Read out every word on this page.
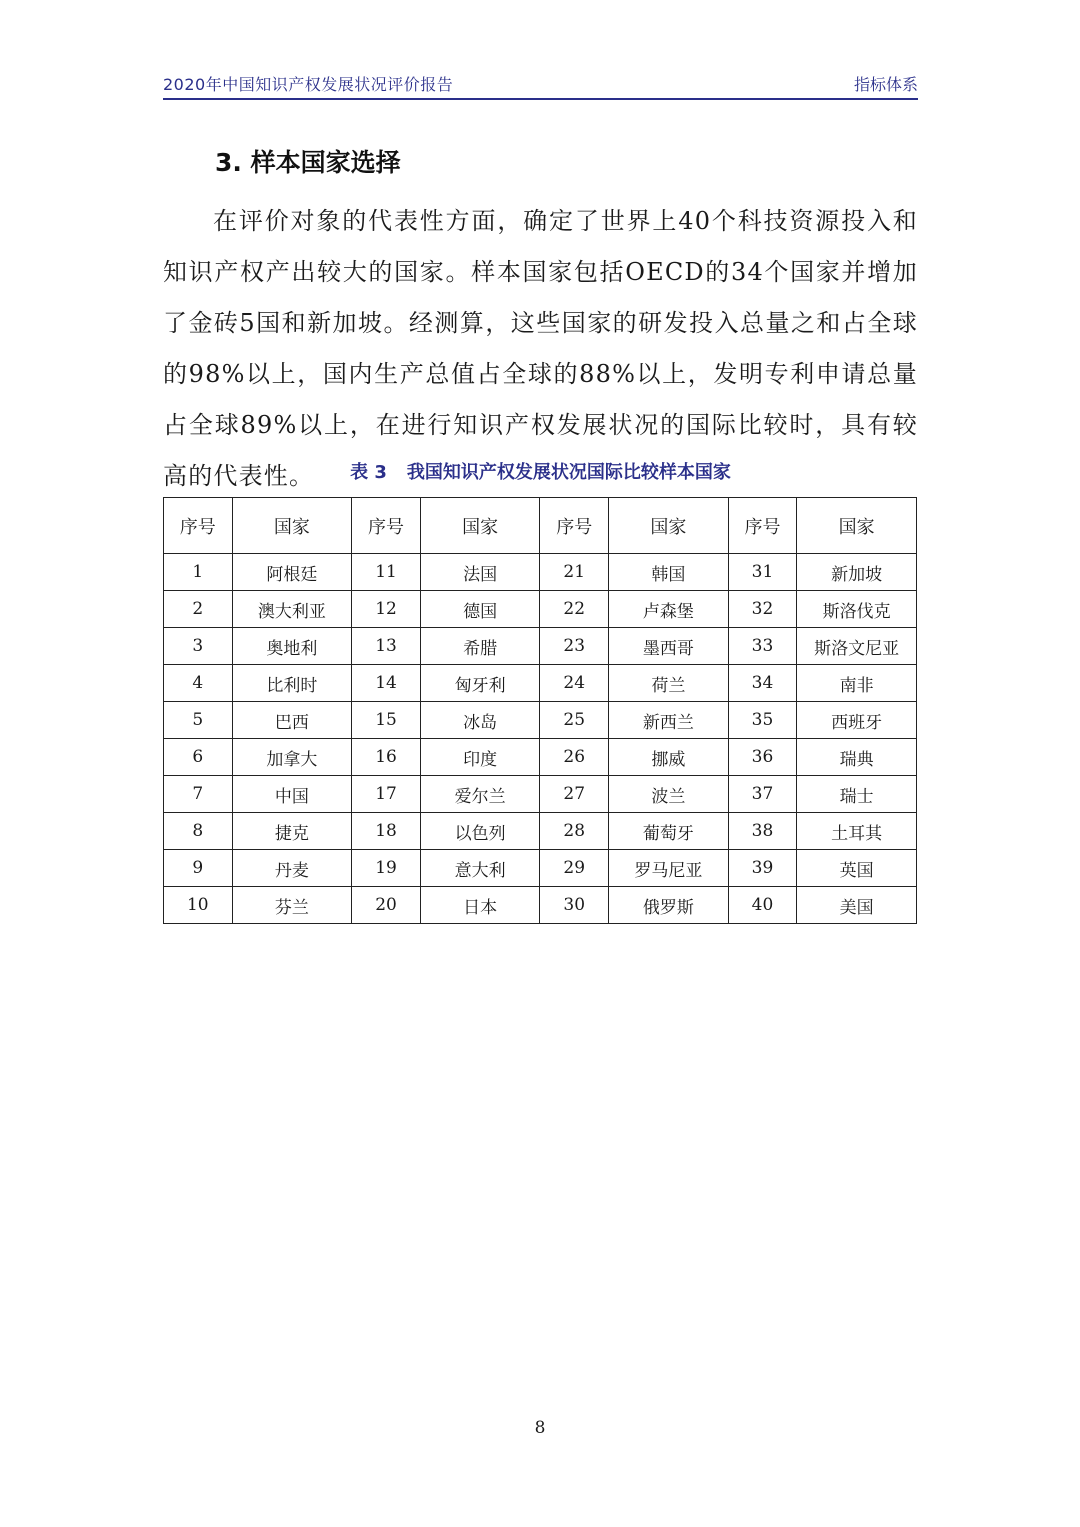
2020年中国知识产权发展状况评价报告	指标体系
3. 样本国家选择

在评价对象的代表性方面，确定了世界上40个科技资源投入和知识产权产出较大的国家。样本国家包括OECD的34个国家并增加了金砖5国和新加坡。经测算，这些国家的研发投入总量之和占全球的98%以上，国内生产总值占全球的88%以上，发明专利申请总量占全球89%以上，在进行知识产权发展状况的国际比较时，具有较高的代表性。	表 3 我国知识产权发展状况国际比较样本国家
序号	国家	序号	国家	序号	国家	序号	国家
1	阿根廷	11	法国	21	韩国	31	新加坡
2	澳大利亚	12	德国	22	卢森堡	32	斯洛伐克
3	奥地利	13	希腊	23	墨西哥	33	斯洛文尼亚
4	比利时	14	匈牙利	24	荷兰	34	南非
5	巴西	15	冰岛	25	新西兰	35	西班牙
6	加拿大	16	印度	26	挪威	36	瑞典
7	中国	17	爱尔兰	27	波兰	37	瑞士
8	捷克	18	以色列	28	葡萄牙	38	土耳其
9	丹麦	19	意大利	29	罗马尼亚	39	英国
10	芬兰	20	日本	30	俄罗斯	40	美国
8
